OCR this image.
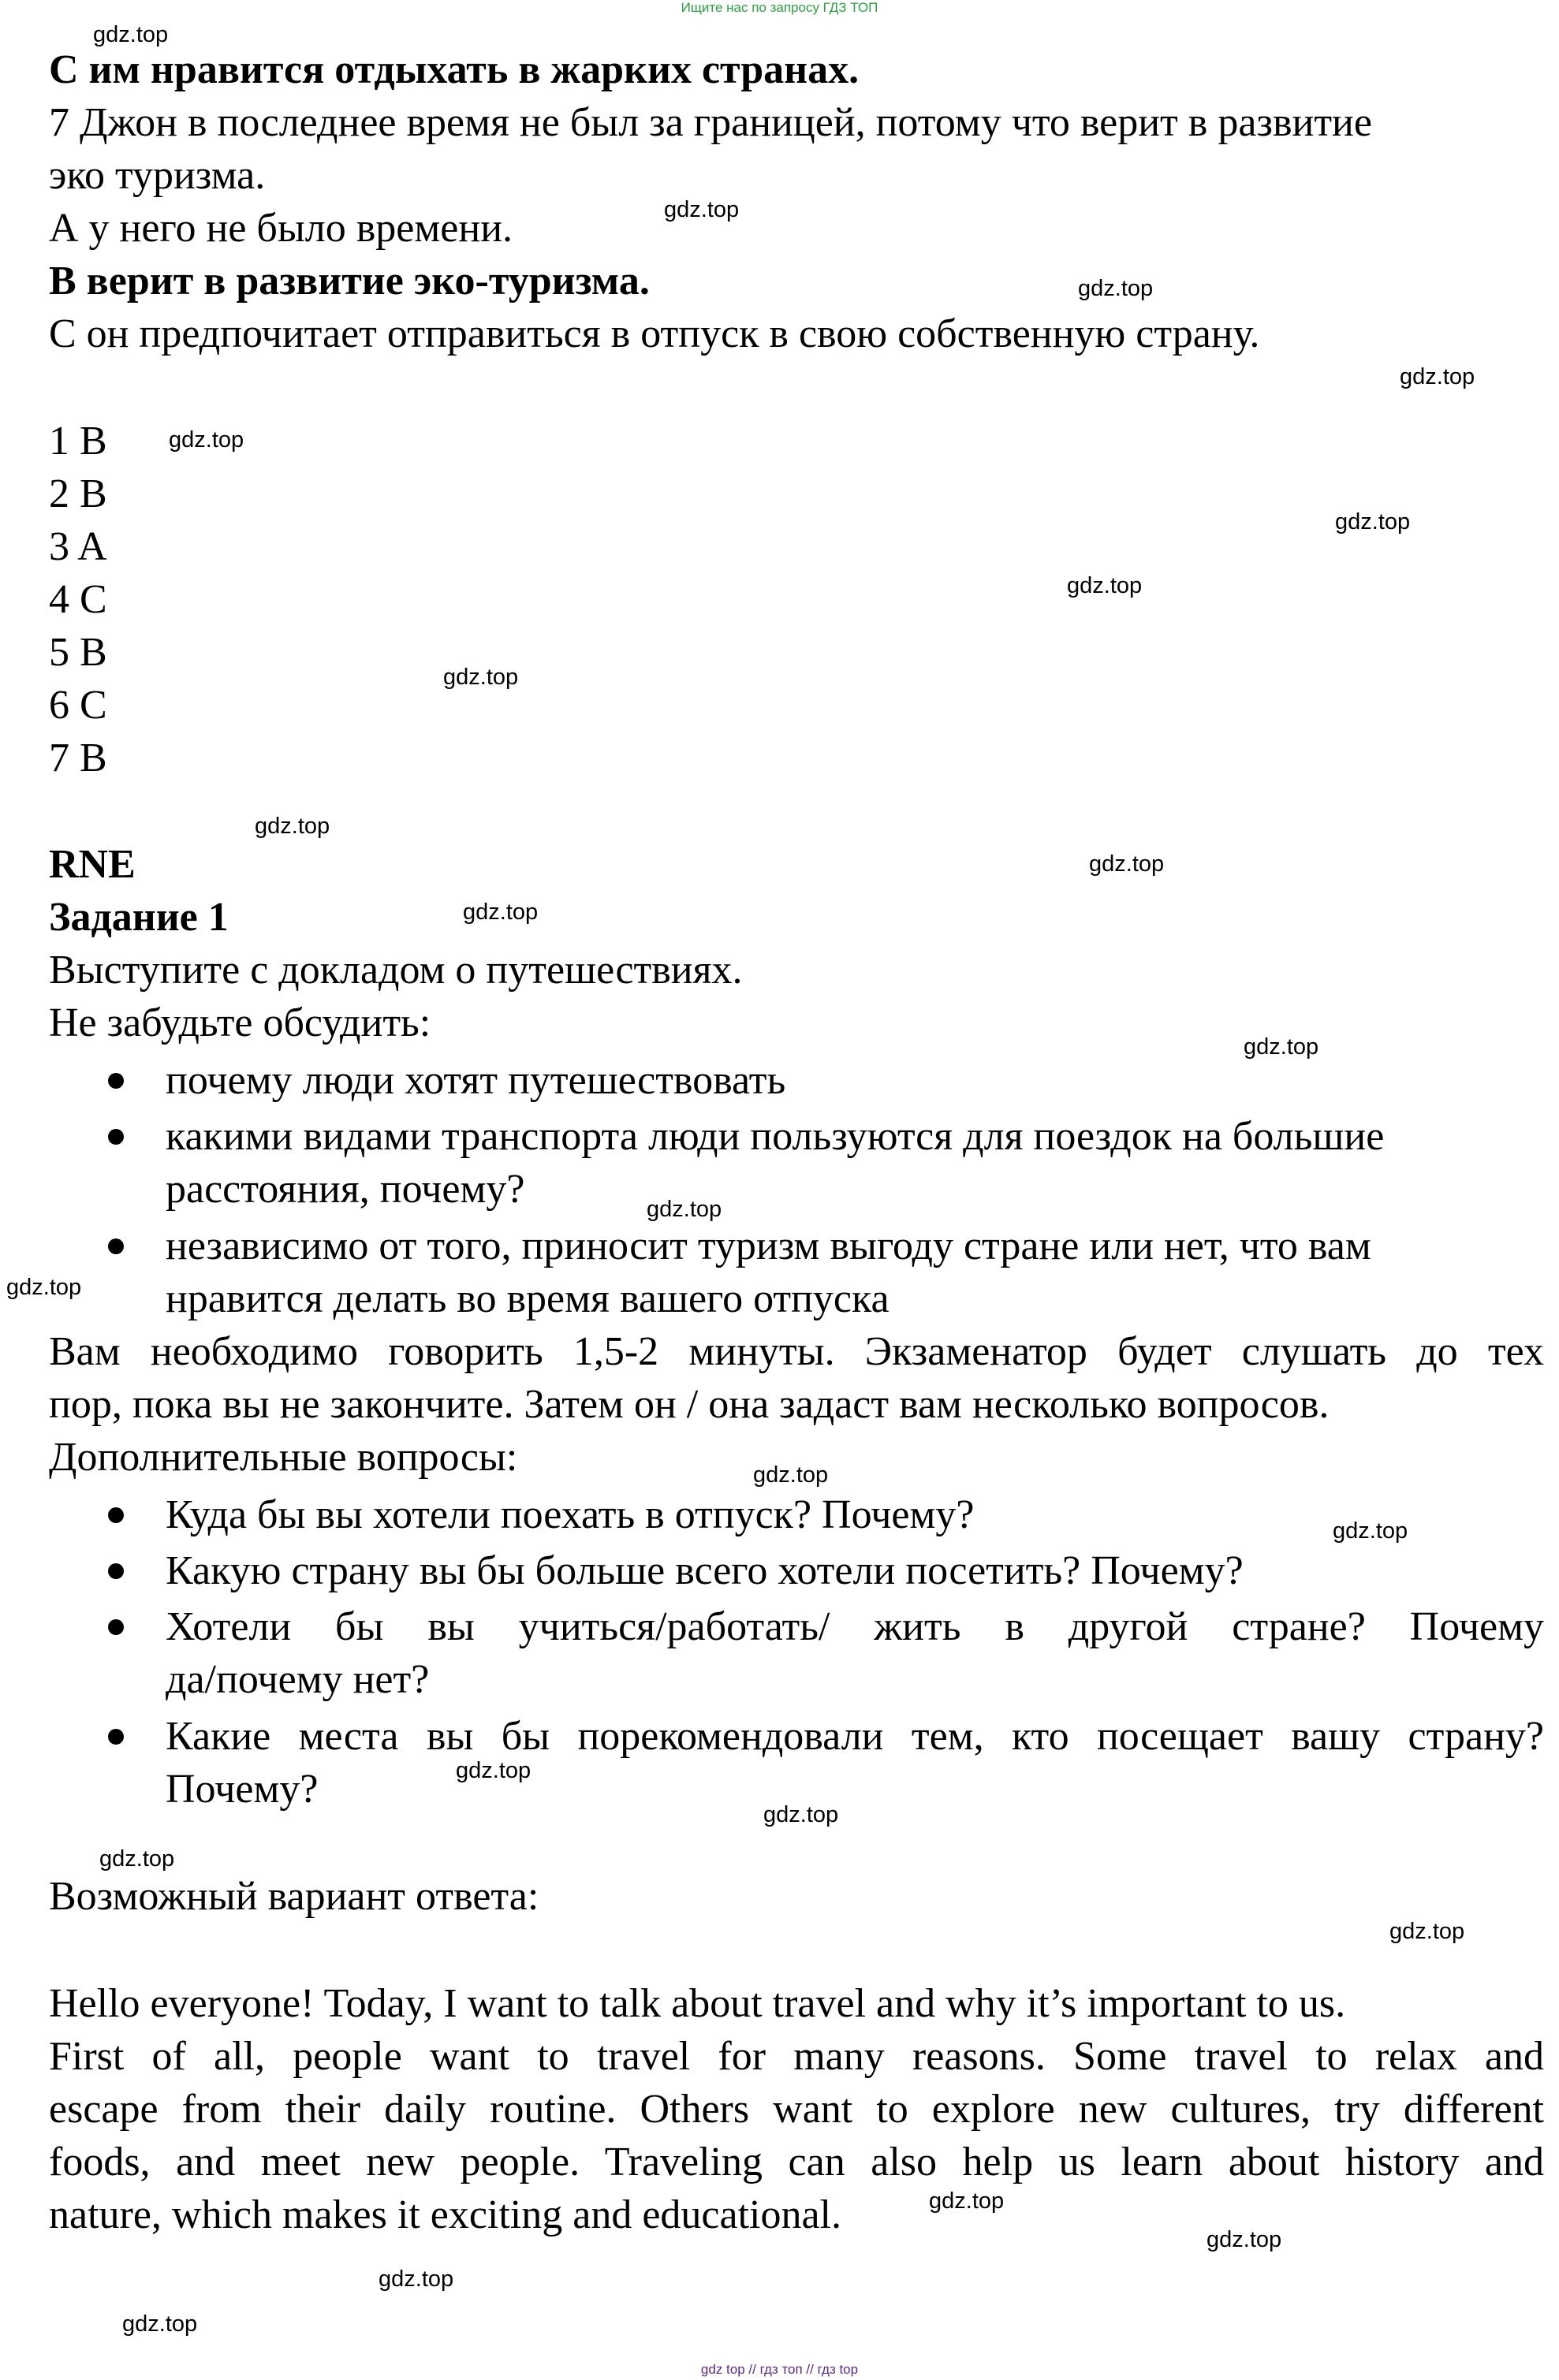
Ищите нас по запросу ГДЗ ТОП
C им нравится отдыхать в жарких странах.
7 Джон в последнее время не был за границей, потому что верит в развитие
эко туризма.
А у него не было времени.
В верит в развитие эко-туризма.
С он предпочитает отправиться в отпуск в свою собственную страну.
1 B
2 B
3 A
4 C
5 B
6 C
7 B
RNE
Задание 1
Выступите с докладом о путешествиях.
Не забудьте обсудить:
почему люди хотят путешествовать
какими видами транспорта люди пользуются для поездок на большие
расстояния, почему?
независимо от того, приносит туризм выгоду стране или нет, что вам
нравится делать во время вашего отпуска
Вам необходимо говорить 1,5-2 минуты. Экзаменатор будет слушать до тех
пор, пока вы не закончите. Затем он / она задаст вам несколько вопросов.
Дополнительные вопросы:
Куда бы вы хотели поехать в отпуск? Почему?
Какую страну вы бы больше всего хотели посетить? Почему?
Хотели бы вы учиться/работать/ жить в другой стране? Почему
да/почему нет?
Какие места вы бы порекомендовали тем, кто посещает вашу страну?
Почему?
Возможный вариант ответа:
Hello everyone! Today, I want to talk about travel and why it’s important to us.
First of all, people want to travel for many reasons. Some travel to relax and
escape from their daily routine. Others want to explore new cultures, try different
foods, and meet new people. Traveling can also help us learn about history and
nature, which makes it exciting and educational.
gdz.top
gdz.top
gdz.top
gdz.top
gdz.top
gdz.top
gdz.top
gdz.top
gdz.top
gdz.top
gdz.top
gdz.top
gdz.top
gdz.top
gdz.top
gdz.top
gdz.top
gdz.top
gdz.top
gdz.top
gdz.top
gdz.top
gdz.top
gdz.top
gdz top // гдз топ // гдз top
